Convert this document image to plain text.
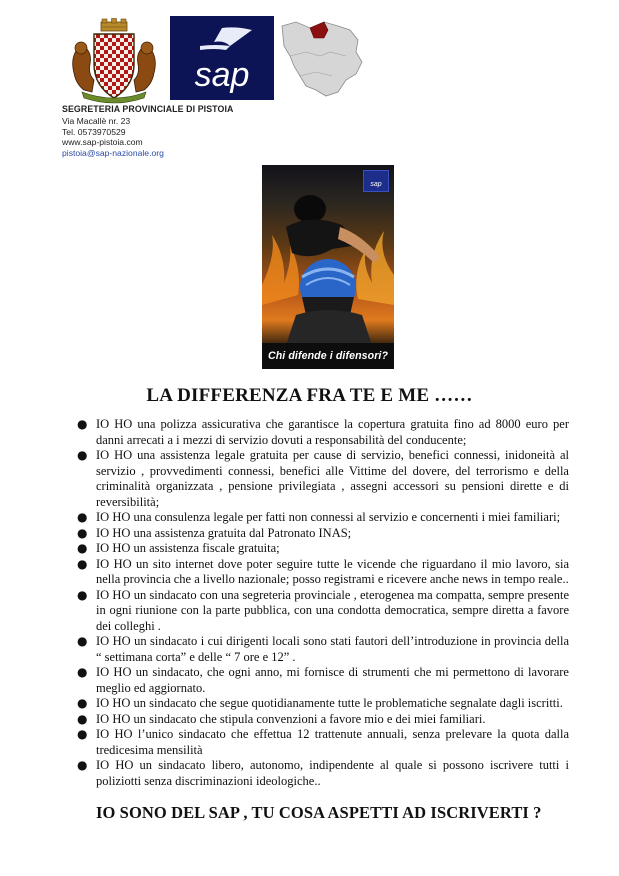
sap
SEGRETERIA PROVINCIALE DI PISTOIA
Via Macallè nr. 23
Tel. 0573970529
www.sap-pistoia.com
pistoia@sap-nazionale.org
sap
Chi difende i difensori?
LA DIFFERENZA FRA TE E ME ……
● IO HO una polizza assicurativa che garantisce la copertura gratuita fino ad 8000 euro per danni arrecati a i mezzi di servizio dovuti a responsabilità del conducente;
● IO HO una assistenza legale gratuita per cause di servizio, benefici connessi, inidoneità al servizio , provvedimenti connessi, benefici alle Vittime del dovere, del terrorismo e della criminalità organizzata , pensione privilegiata , assegni accessori su pensioni dirette e di reversibilità;
● IO HO una consulenza legale per fatti non connessi al servizio e concernenti i miei familiari;
● IO HO una assistenza gratuita dal Patronato INAS;
● IO HO un assistenza fiscale gratuita;
● IO HO un sito internet dove poter seguire tutte le vicende che riguardano il mio lavoro, sia nella provincia che a livello nazionale; posso registrami e ricevere anche news in tempo reale..
● IO HO un sindacato con una segreteria provinciale , eterogenea ma compatta, sempre presente in ogni riunione con la parte pubblica, con una condotta democratica, sempre diretta a favore dei colleghi .
● IO HO un sindacato i cui dirigenti locali sono stati fautori dell’introduzione in provincia della “ settimana corta” e delle “ 7 ore e 12” .
● IO HO un sindacato, che ogni anno, mi fornisce di strumenti che mi permettono di lavorare meglio ed aggiornato.
● IO HO un sindacato che segue quotidianamente tutte le problematiche segnalate dagli iscritti.
● IO HO un sindacato che stipula convenzioni a favore mio e dei miei familiari.
● IO HO l’unico sindacato che effettua 12 trattenute annuali, senza prelevare la quota dalla tredicesima mensilità
● IO HO un sindacato libero, autonomo, indipendente al quale si possono iscrivere tutti i poliziotti senza discriminazioni ideologiche..
IO SONO DEL SAP , TU COSA ASPETTI AD ISCRIVERTI ?
